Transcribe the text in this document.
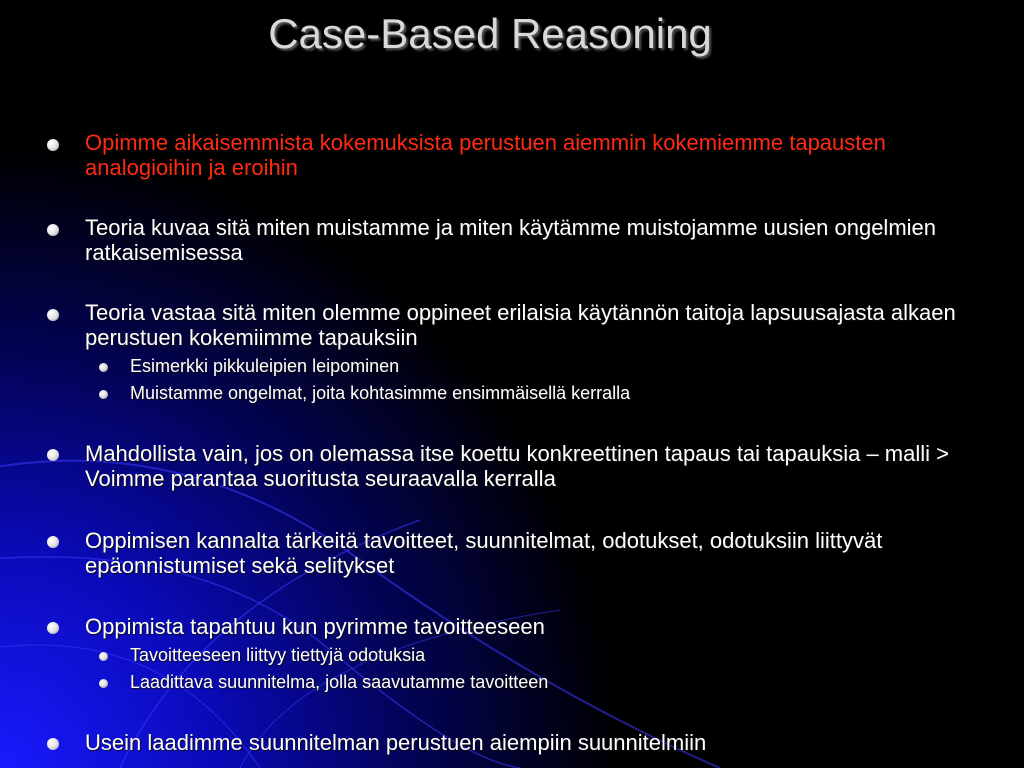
Case-Based Reasoning
Opimme aikaisemmista kokemuksista perustuen aiemmin kokemiemme tapausten analogioihin ja eroihin
Teoria kuvaa sitä miten muistamme ja miten käytämme muistojamme uusien ongelmien ratkaisemisessa
Teoria vastaa sitä miten olemme oppineet erilaisia käytännön taitoja lapsuusajasta alkaen perustuen kokemiimme tapauksiin
Esimerkki pikkuleipien leipominen
Muistamme ongelmat, joita kohtasimme ensimmäisellä kerralla
Mahdollista vain, jos on olemassa itse koettu konkreettinen tapaus tai tapauksia – malli > Voimme parantaa suoritusta seuraavalla kerralla
Oppimisen kannalta tärkeitä tavoitteet, suunnitelmat, odotukset, odotuksiin liittyvät epäonnistumiset sekä selitykset
Oppimista tapahtuu kun pyrimme tavoitteeseen
Tavoitteeseen liittyy tiettyjä odotuksia
Laadittava suunnitelma, jolla saavutamme tavoitteen
Usein laadimme suunnitelman perustuen aiempiin suunnitelmiin
